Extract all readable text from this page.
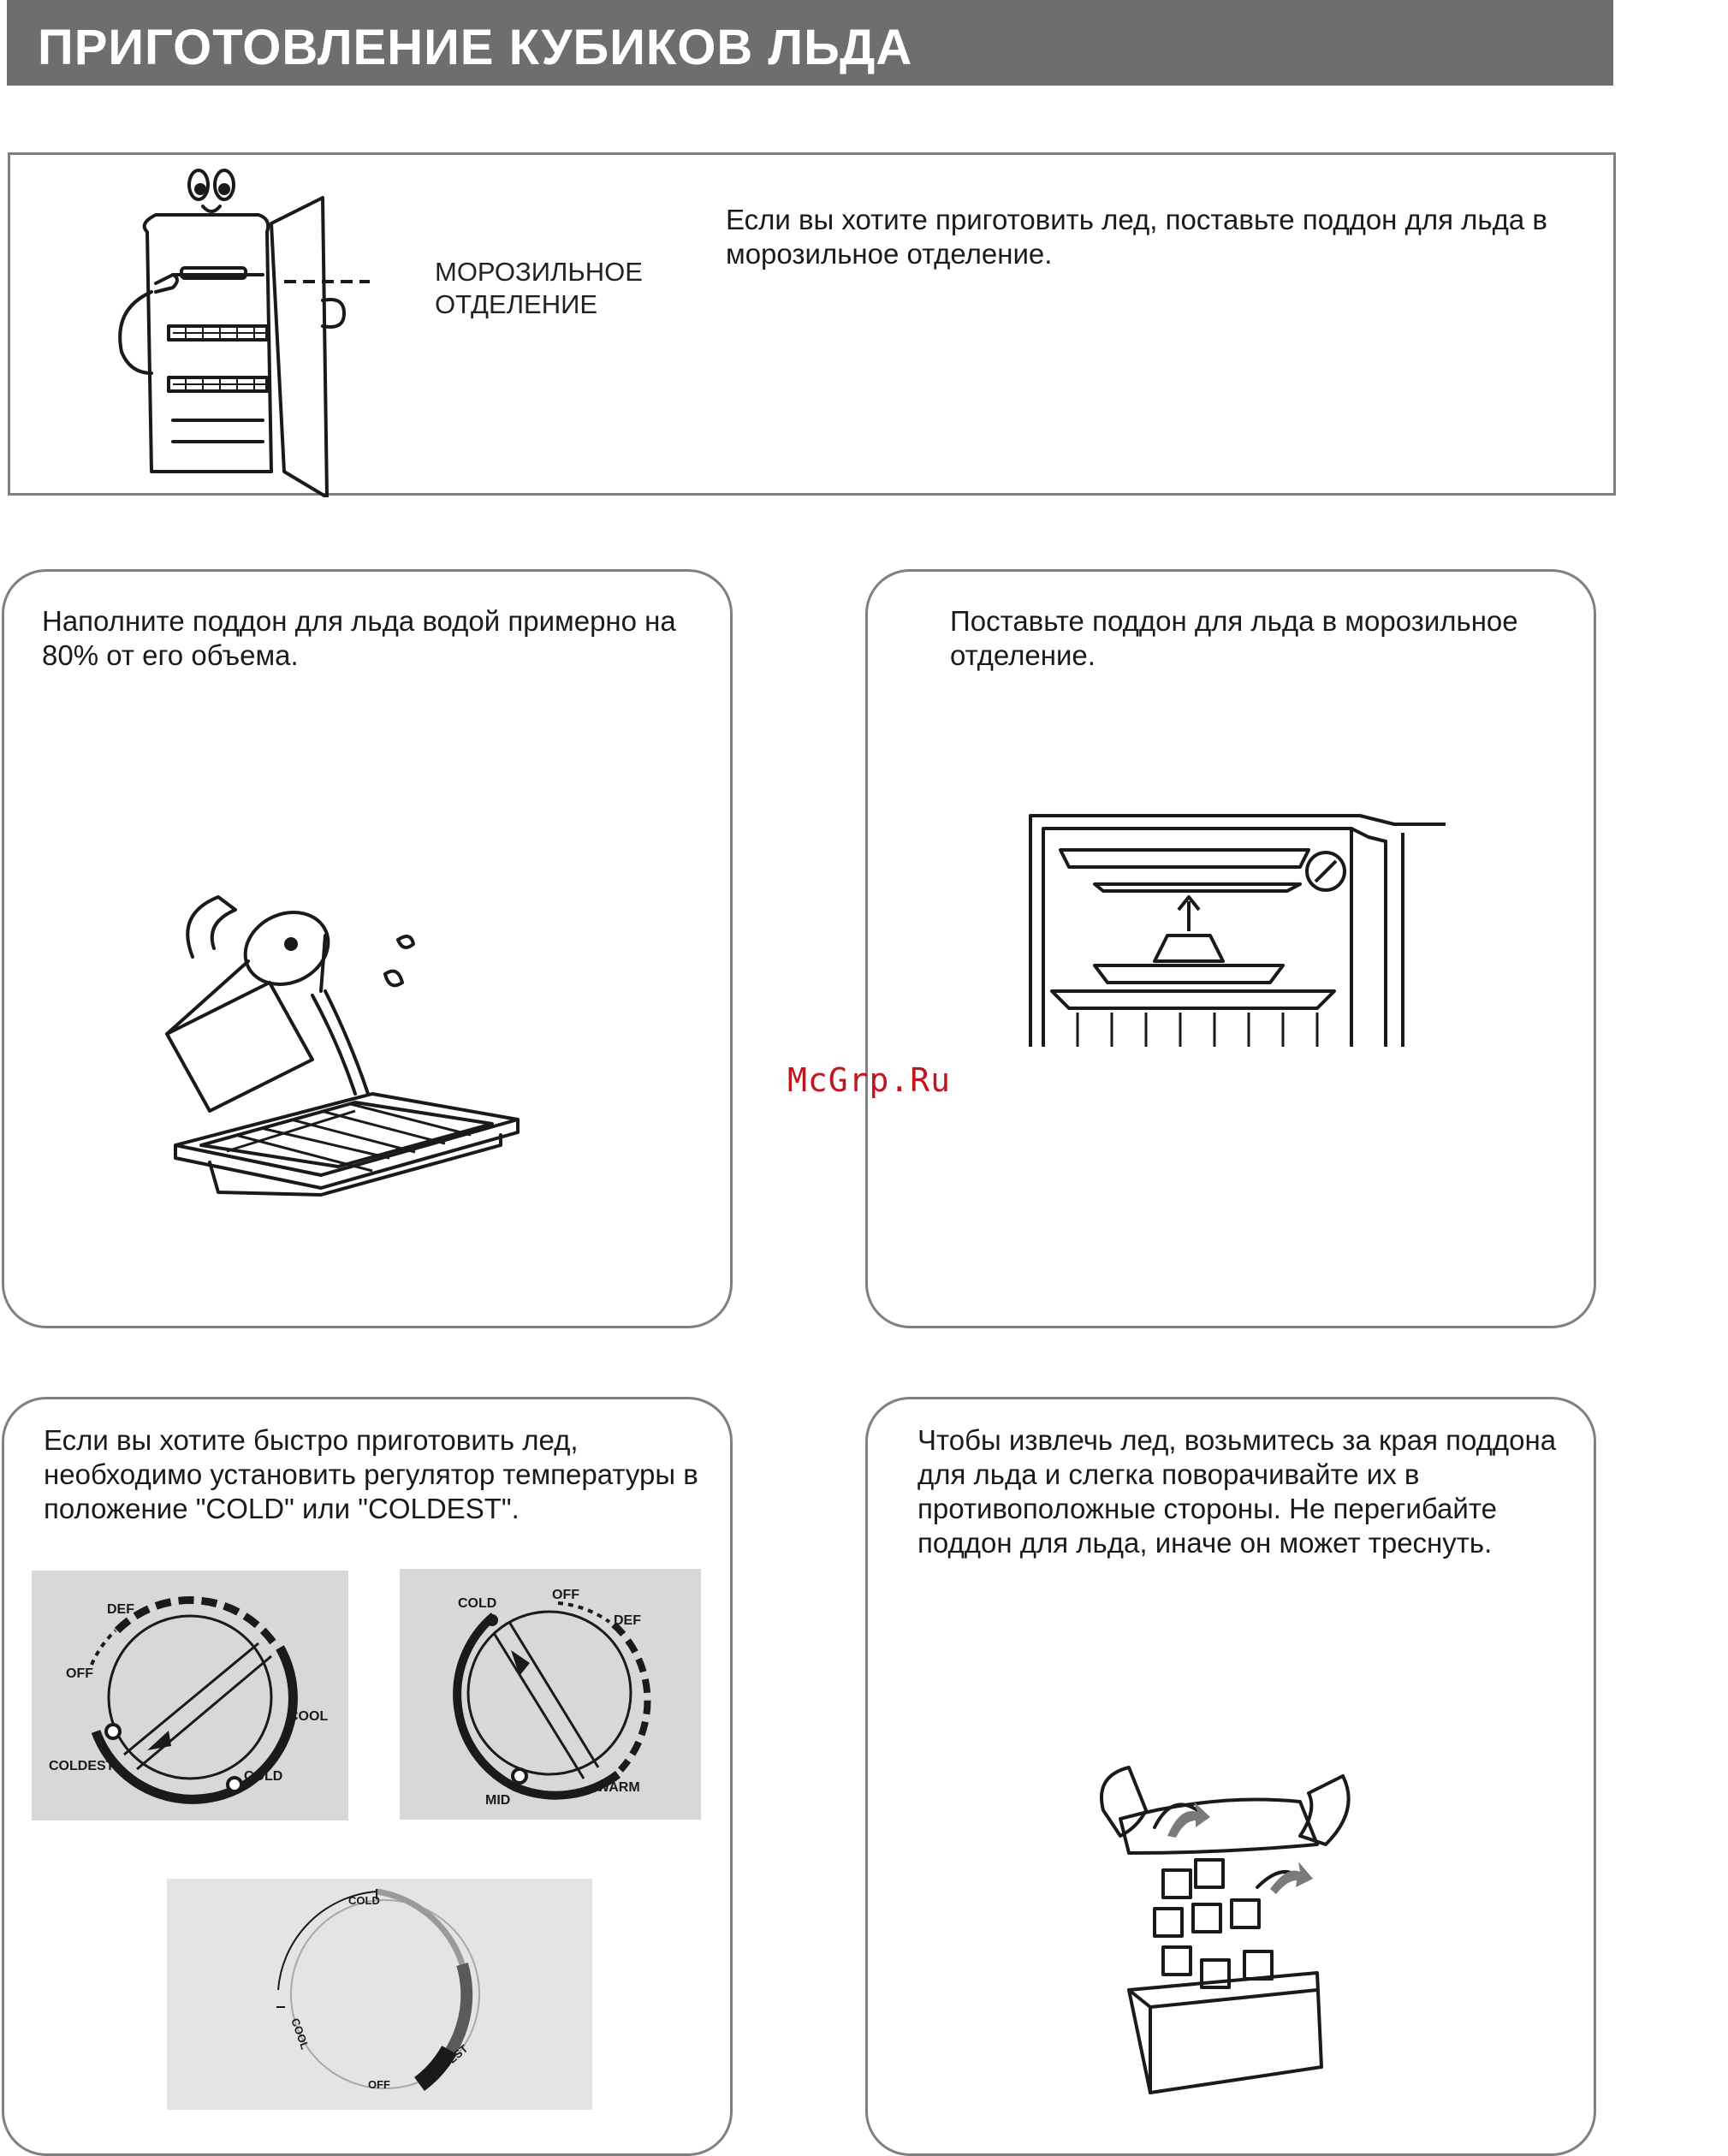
ПРИГОТОВЛЕНИЕ КУБИКОВ ЛЬДА
МОРОЗИЛЬНОЕ
ОТДЕЛЕНИЕ
Если вы хотите приготовить лед, поставьте поддон для льда в морозильное отделение.
Наполните поддон для льда водой примерно на 80% от его объема.
Поставьте поддон для льда в морозильное отделение.
Если вы хотите быстро приготовить лед, необходимо установить регулятор температуры в положение "COLD" или "COLDEST".
DEF
OFF
COOL
COLDEST
COLD
COLD
OFF
DEF
MID
WARM
COLD
COOL
OFF	COLDEST
Чтобы извлечь лед, возьмитесь за края поддона для льда и слегка поворачивайте их в противоположные стороны. Не перегибайте поддон для льда, иначе он может треснуть.
McGrp.Ru
